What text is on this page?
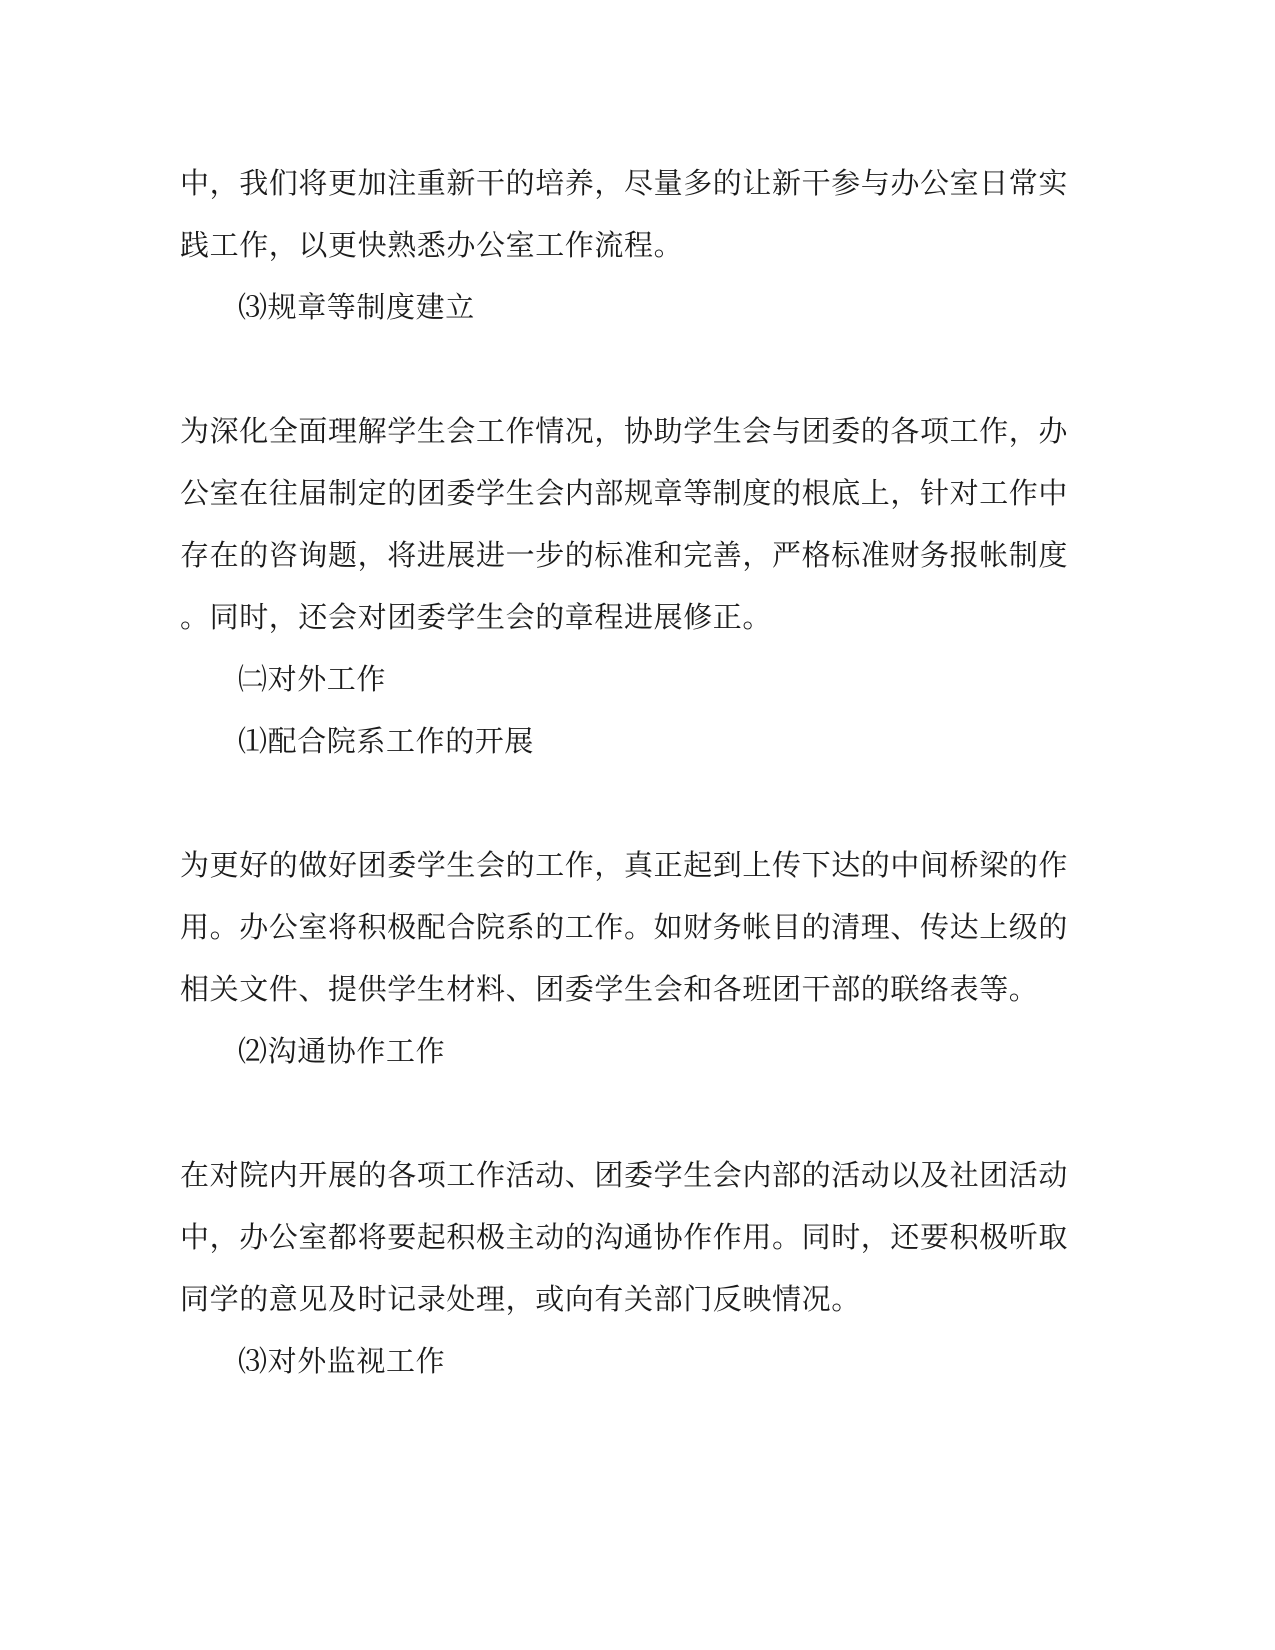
中，我们将更加注重新干的培养，尽量多的让新干参与办公室日常实
践工作，以更快熟悉办公室工作流程。
⑶规章等制度建立
为深化全面理解学生会工作情况，协助学生会与团委的各项工作，办
公室在往届制定的团委学生会内部规章等制度的根底上，针对工作中
存在的咨询题，将进展进一步的标准和完善，严格标准财务报帐制度
。同时，还会对团委学生会的章程进展修正。
㈡对外工作
⑴配合院系工作的开展
为更好的做好团委学生会的工作，真正起到上传下达的中间桥梁的作
用。办公室将积极配合院系的工作。如财务帐目的清理、传达上级的
相关文件、提供学生材料、团委学生会和各班团干部的联络表等。
⑵沟通协作工作
在对院内开展的各项工作活动、团委学生会内部的活动以及社团活动
中，办公室都将要起积极主动的沟通协作作用。同时，还要积极听取
同学的意见及时记录处理，或向有关部门反映情况。
⑶对外监视工作
